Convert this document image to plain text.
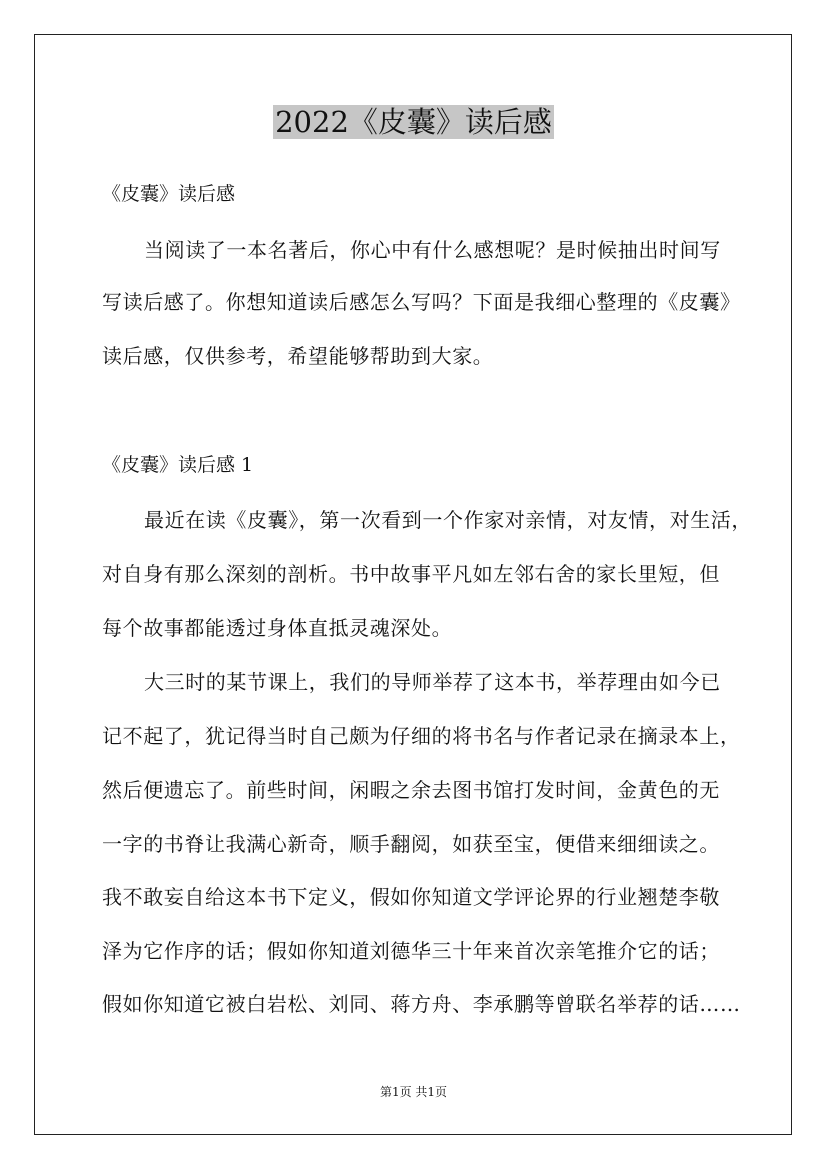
2022《皮囊》读后感
《皮囊》读后感
当阅读了一本名著后，你心中有什么感想呢？是时候抽出时间写
写读后感了。你想知道读后感怎么写吗？下面是我细心整理的《皮囊》
读后感，仅供参考，希望能够帮助到大家。
《皮囊》读后感 1
最近在读《皮囊》，第一次看到一个作家对亲情，对友情，对生活，
对自身有那么深刻的剖析。书中故事平凡如左邻右舍的家长里短，但
每个故事都能透过身体直抵灵魂深处。
大三时的某节课上，我们的导师举荐了这本书，举荐理由如今已
记不起了，犹记得当时自己颇为仔细的将书名与作者记录在摘录本上，
然后便遗忘了。前些时间，闲暇之余去图书馆打发时间，金黄色的无
一字的书脊让我满心新奇，顺手翻阅，如获至宝，便借来细细读之。
我不敢妄自给这本书下定义，假如你知道文学评论界的行业翘楚李敬
泽为它作序的话；假如你知道刘德华三十年来首次亲笔推介它的话；
假如你知道它被白岩松、刘同、蒋方舟、李承鹏等曾联名举荐的话……
第1页 共1页
